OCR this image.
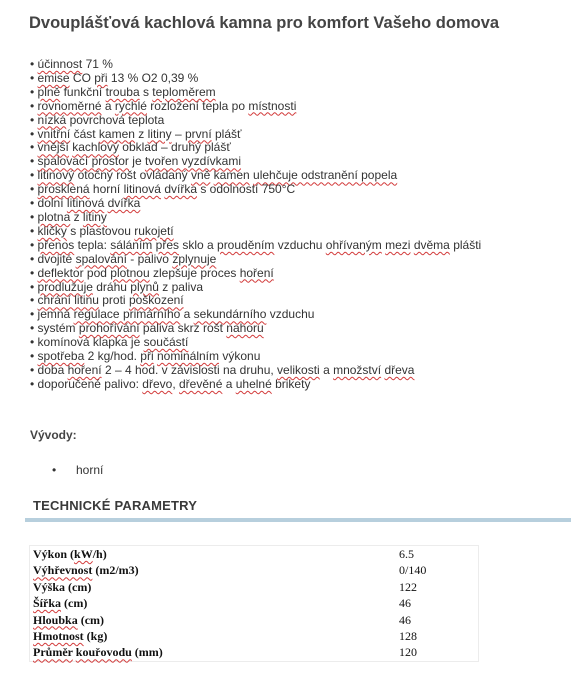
Dvouplášťová kachlová kamna pro komfort Vašeho domova
• účinnost 71 %
• emise CO při 13 % O2 0,39 %
• plně funkční trouba s teploměrem
• rovnoměrné a rychlé rozložení tepla po místnosti
• nízká povrchová teplota
• vnitřní část kamen z litiny – první plášť
• vnější kachlový obklad – druhý plášť
• spalovací prostor je tvořen vyzdívkami
• litinový otočný rošt ovládaný vně kamen ulehčuje odstranění popela
• prosklená horní litinová dvířka s odolností 750°C
• dolní litinová dvířka
• plotna z litiny
• kličky s plastovou rukojetí
• přenos tepla: sáláním přes sklo a prouděním vzduchu ohřívaným mezi dvěma plášti
• dvojité spalování - palivo zplynuje
• deflektor pod plotnou zlepšuje proces hoření
• prodlužuje dráhu plynů z paliva
• chrání litinu proti poškození
• jemná regulace primárního a sekundárního vzduchu
• systém prohořívání paliva skrz rošt nahoru
• komínová klapka je součástí
• spotřeba 2 kg/hod. při nominálním výkonu
• doba hoření 2 – 4 hod. v závislosti na druhu, velikosti a množství dřeva
• doporučené palivo: dřevo, dřevěné a uhelné brikety
Vývody:
• horní
TECHNICKÉ PARAMETRY
Výkon (kW/h)	6.5
Výhřevnost (m2/m3)	0/140
Výška (cm)	122
Šířka (cm)	46
Hloubka (cm)	46
Hmotnost (kg)	128
Průměr kouřovodu (mm)	120
